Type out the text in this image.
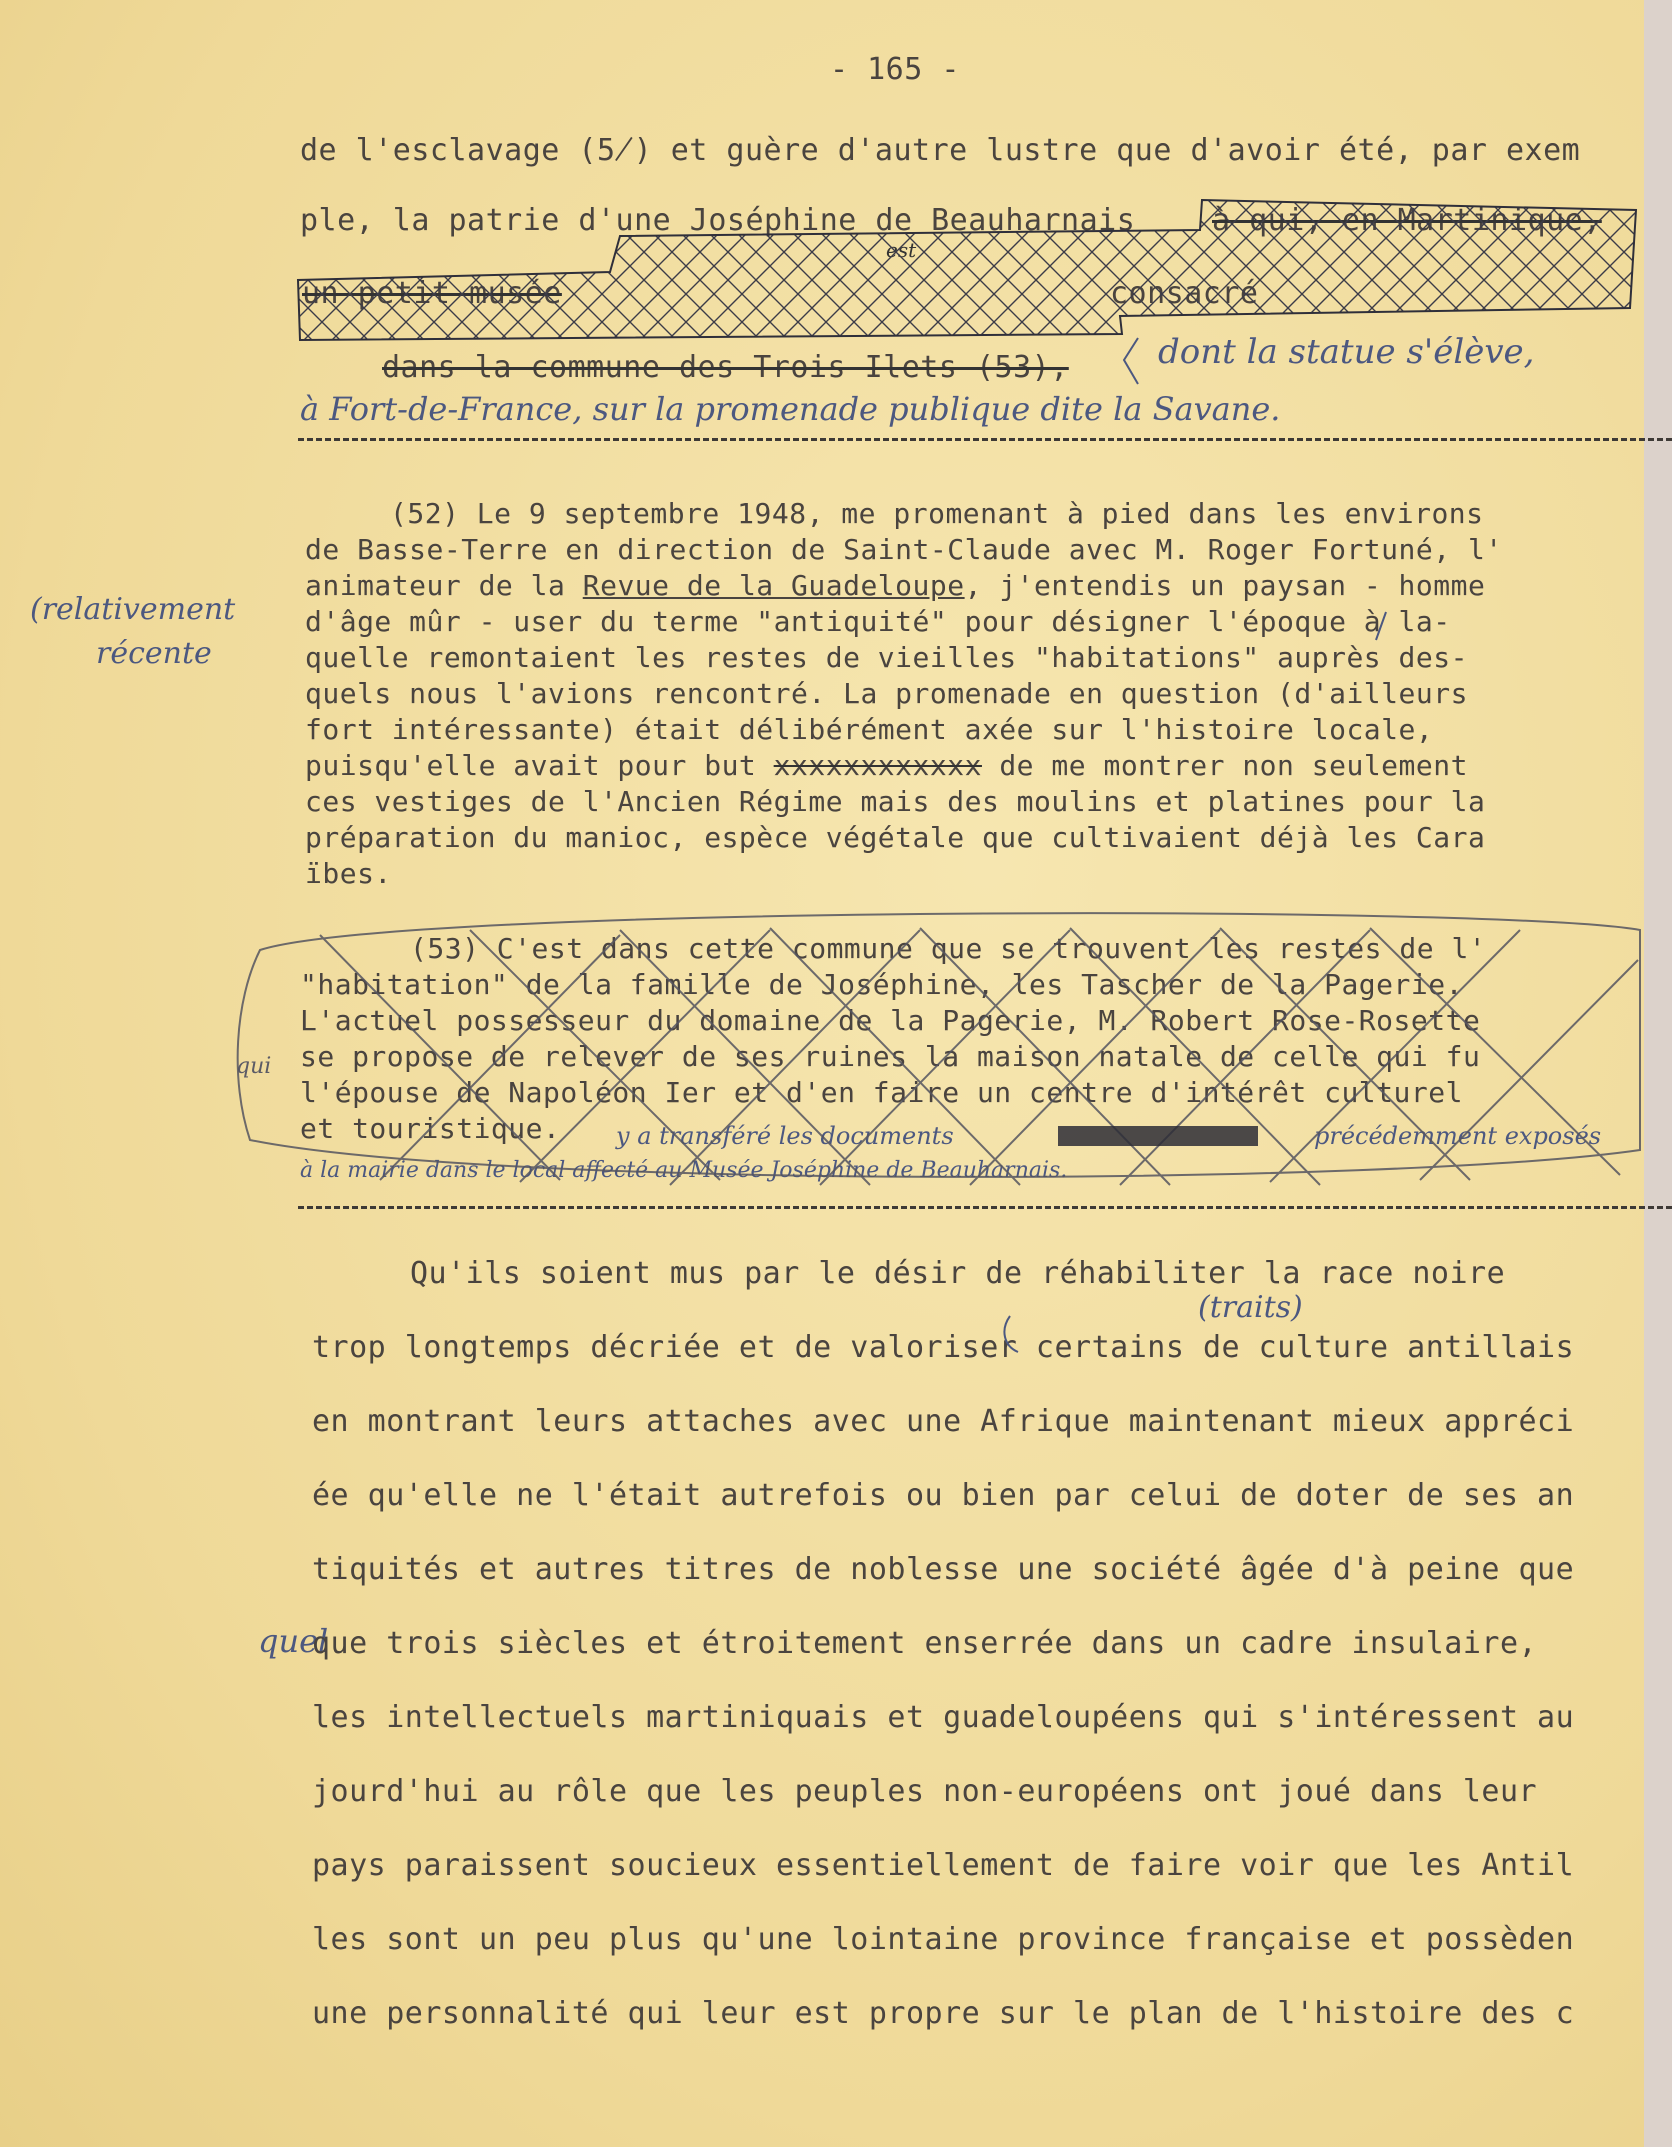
- 165 -
de l'esclavage (5̸) et guère d'autre lustre que d'avoir été, par exem
ple, la patrie d'une Joséphine de Beauharnais
dans la commune des Trois-Ilets (53),	dont la statue s'élève,
à Fort-de-France, sur la promenade publique dite la Savane.
(relativement
récente
(52) Le 9 septembre 1948, me promenant à pied dans les environs
de Basse-Terre en direction de Saint-Claude avec M. Roger Fortuné, l'
animateur de la Revue de la Guadeloupe, j'entendis un paysan - homme
d'âge mûr - user du terme "antiquité" pour désigner l'époque à la-
quelle remontaient les restes de vieilles "habitations" auprès des-
quels nous l'avions rencontré. La promenade en question (d'ailleurs
fort intéressante) était délibérément axée sur l'histoire locale,
puisqu'elle avait pour but xxxxxxxxxxxx de me montrer non seulement
ces vestiges de l'Ancien Régime mais des moulins et platines pour la
préparation du manioc, espèce végétale que cultivaient déjà les Cara
ïbes.
(53) C'est dans cette commune que se trouvent les restes de l'
"habitation" de la famille de Joséphine, les Tascher de la Pagerie.
L'actuel possesseur du domaine de la Pagerie, M. Robert Rose-Rosette
se propose de relever de ses ruines la maison natale de celle qui fu
l'épouse de Napoléon Ier et d'en faire un centre d'intérêt culturel
et touristique.
qui
y a transféré les documents	précédemment exposés
à la mairie dans le local affecté au Musée Joséphine de Beauharnais.
(traits)
quel
Qu'ils soient mus par le désir de réhabiliter la race noire
trop longtemps décriée et de valoriser certains de culture antillais
en montrant leurs attaches avec une Afrique maintenant mieux appréci
ée qu'elle ne l'était autrefois ou bien par celui de doter de ses an
tiquités et autres titres de noblesse une société âgée d'à peine que
que trois siècles et étroitement enserrée dans un cadre insulaire,
les intellectuels martiniquais et guadeloupéens qui s'intéressent au
jourd'hui au rôle que les peuples non-européens ont joué dans leur
pays paraissent soucieux essentiellement de faire voir que les Antil
les sont un peu plus qu'une lointaine province française et possèden
une personnalité qui leur est propre sur le plan de l'histoire des c
